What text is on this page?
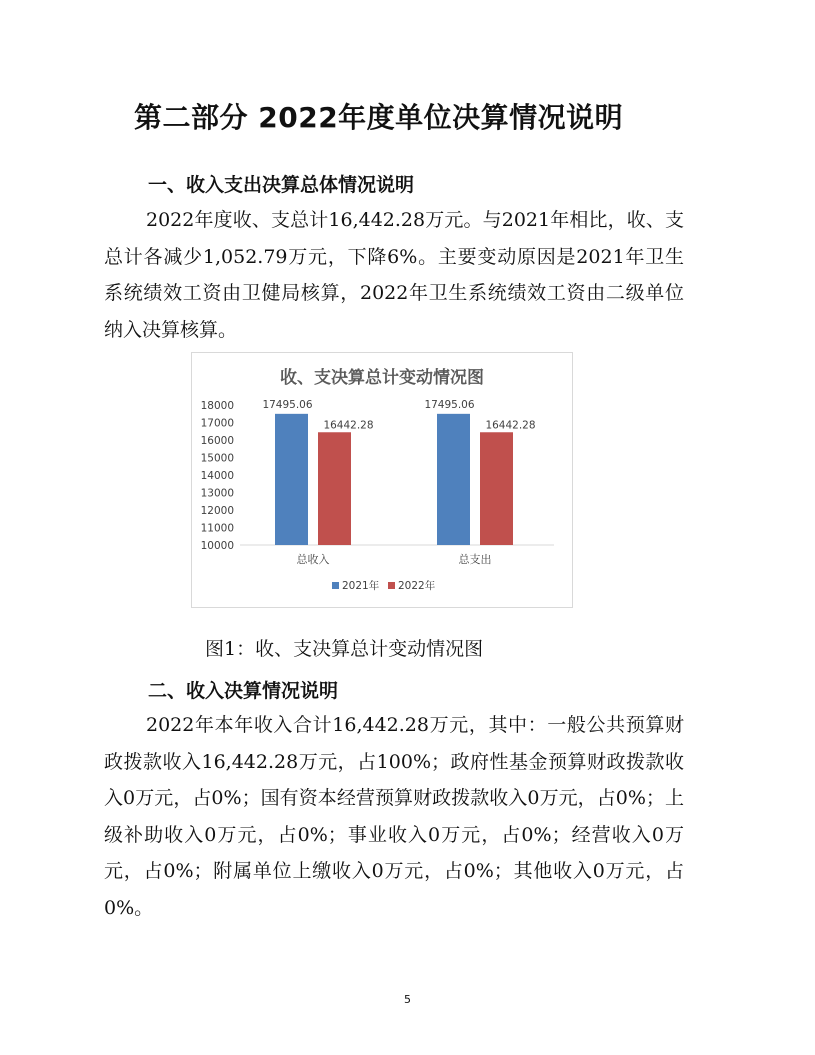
第二部分 2022年度单位决算情况说明
一、收入支出决算总体情况说明
2022年度收、支总计16,442.28万元。与2021年相比，收、支总计各减少1,052.79万元，下降6%。主要变动原因是2021年卫生系统绩效工资由卫健局核算，2022年卫生系统绩效工资由二级单位纳入决算核算。
收、支决算总计变动情况图
10000
11000
12000
13000
14000
15000
16000
17000
18000	17495.06
16442.28
总收入
17495.06
16442.28
总支出
2021年 2022年
图1：收、支决算总计变动情况图
二、收入决算情况说明
2022年本年收入合计16,442.28万元，其中：一般公共预算财政拨款收入16,442.28万元，占100%；政府性基金预算财政拨款收入0万元，占0%；国有资本经营预算财政拨款收入0万元，占0%；上级补助收入0万元，占0%；事业收入0万元，占0%；经营收入0万元，占0%；附属单位上缴收入0万元，占0%；其他收入0万元，占0%。
5
